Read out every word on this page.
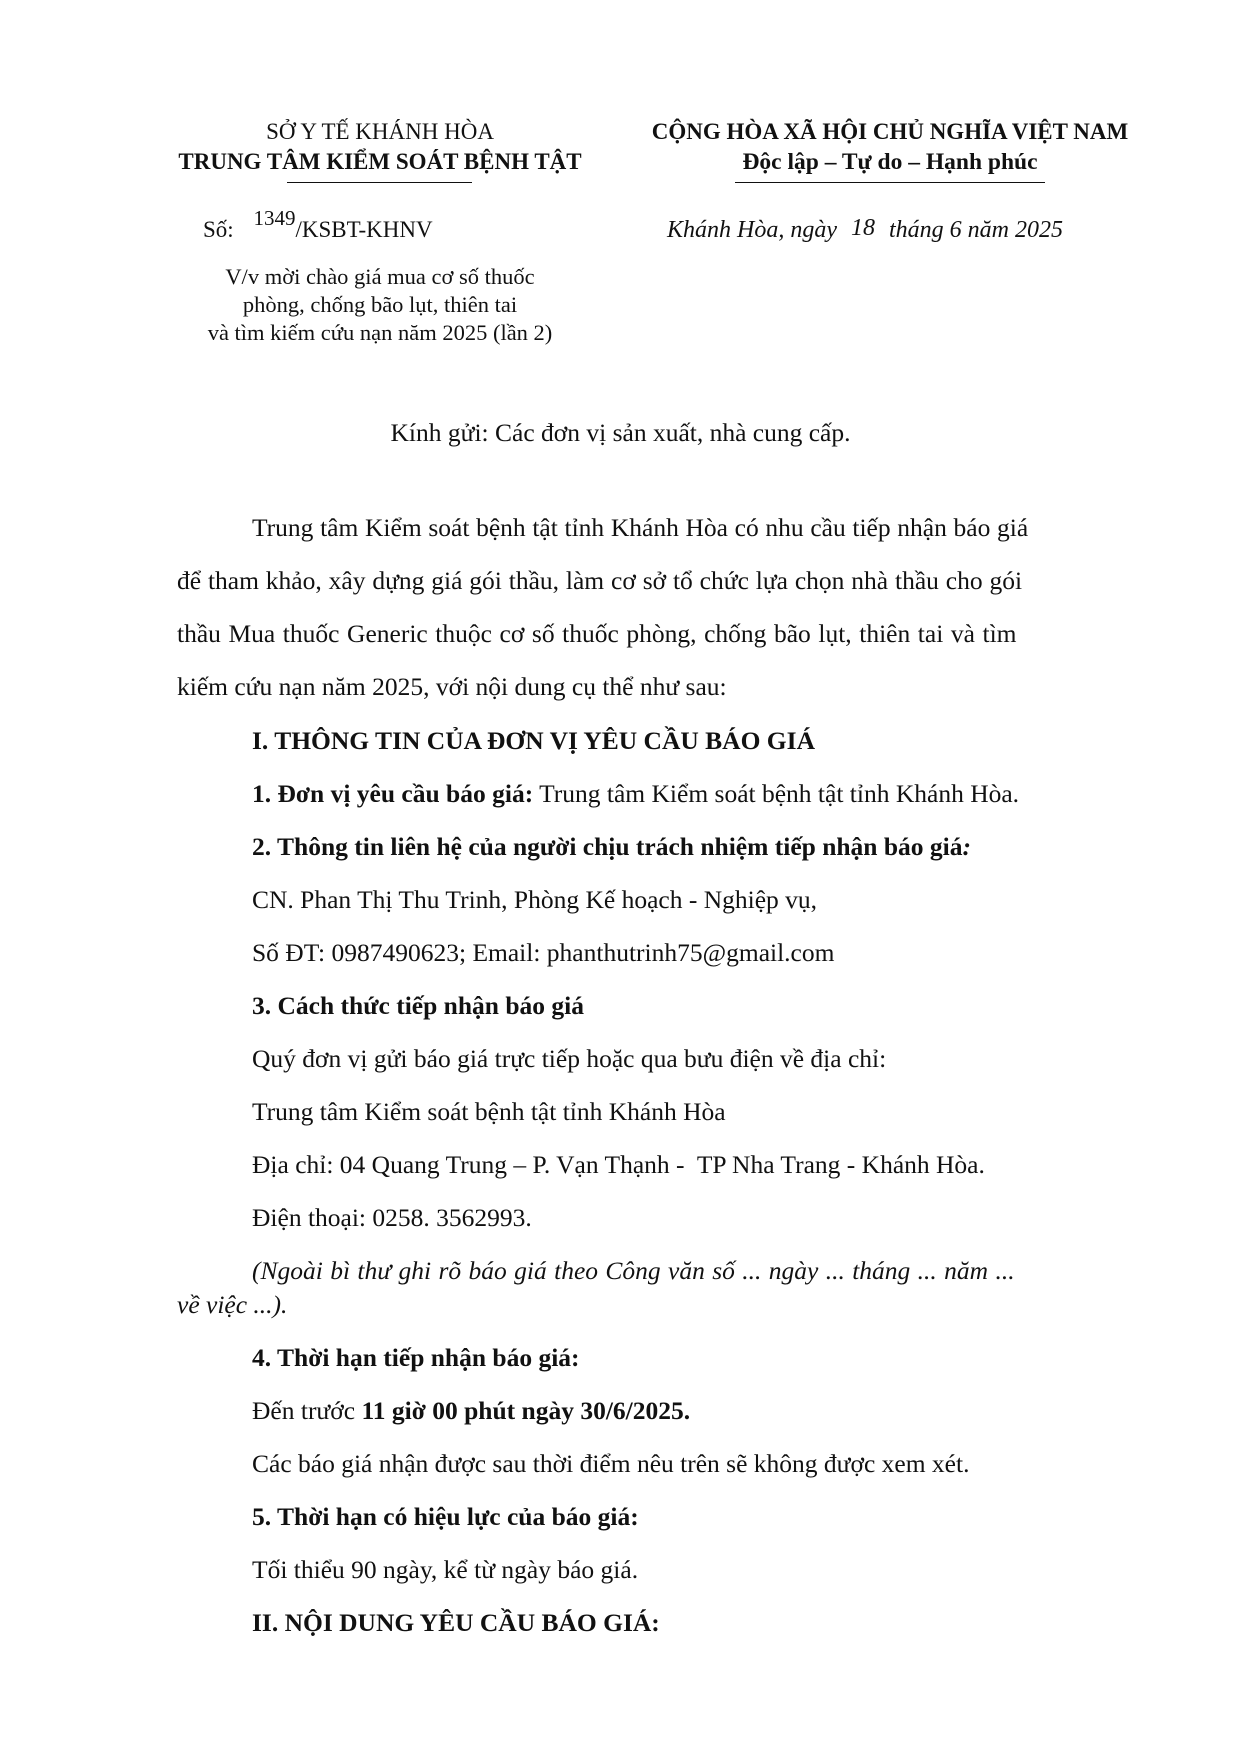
SỞ Y TẾ KHÁNH HÒA
TRUNG TÂM KIỂM SOÁT BỆNH TẬT
Số: $^{1349}$/KSBT-KHNV
V/v mời chào giá mua cơ số thuốc
phòng, chống bão lụt, thiên tai
và tìm kiếm cứu nạn năm 2025 (lần 2)
CỘNG HÒA XÃ HỘI CHỦ NGHĨA VIỆT NAM
Độc lập – Tự do – Hạnh phúc
Khánh Hòa, ngày 18 tháng 6 năm 2025
Kính gửi: Các đơn vị sản xuất, nhà cung cấp.
Trung tâm Kiểm soát bệnh tật tỉnh Khánh Hòa có nhu cầu tiếp nhận báo giá
để tham khảo, xây dựng giá gói thầu, làm cơ sở tổ chức lựa chọn nhà thầu cho gói
thầu Mua thuốc Generic thuộc cơ số thuốc phòng, chống bão lụt, thiên tai và tìm
kiếm cứu nạn năm 2025, với nội dung cụ thể như sau:
I. THÔNG TIN CỦA ĐƠN VỊ YÊU CẦU BÁO GIÁ
1. Đơn vị yêu cầu báo giá: Trung tâm Kiểm soát bệnh tật tỉnh Khánh Hòa.
2. Thông tin liên hệ của người chịu trách nhiệm tiếp nhận báo giá:
CN. Phan Thị Thu Trinh, Phòng Kế hoạch - Nghiệp vụ,
Số ĐT: 0987490623; Email: phanthutrinh75@gmail.com
3. Cách thức tiếp nhận báo giá
Quý đơn vị gửi báo giá trực tiếp hoặc qua bưu điện về địa chỉ:
Trung tâm Kiểm soát bệnh tật tỉnh Khánh Hòa
Địa chỉ: 04 Quang Trung – P. Vạn Thạnh -  TP Nha Trang - Khánh Hòa.
Điện thoại: 0258. 3562993.
(Ngoài bì thư ghi rõ báo giá theo Công văn số ... ngày ... tháng ... năm ...
về việc ...).
4. Thời hạn tiếp nhận báo giá:
Đến trước 11 giờ 00 phút ngày 30/6/2025.
Các báo giá nhận được sau thời điểm nêu trên sẽ không được xem xét.
5. Thời hạn có hiệu lực của báo giá:
Tối thiểu 90 ngày, kể từ ngày báo giá.
II. NỘI DUNG YÊU CẦU BÁO GIÁ:
